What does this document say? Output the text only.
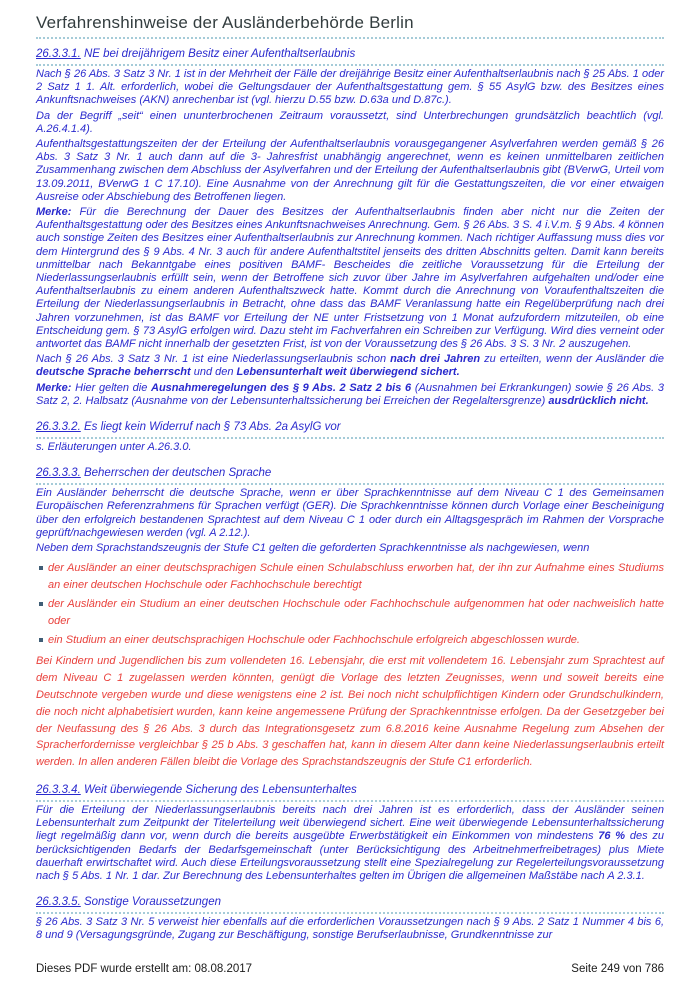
Verfahrenshinweise der Ausländerbehörde Berlin
26.3.3.1. NE bei dreijährigem Besitz einer Aufenthaltserlaubnis

Nach § 26 Abs. 3 Satz 3 Nr. 1 ist in der Mehrheit der Fälle der dreijährige Besitz einer Aufenthaltserlaubnis nach § 25 Abs. 1 oder 2 Satz 1 1. Alt. erforderlich, wobei die Geltungsdauer der Aufenthaltsgestattung gem. § 55 AsylG bzw. des Besitzes eines Ankunftsnachweises (AKN) anrechenbar ist (vgl. hierzu D.55 bzw. D.63a und D.87c.).

Da der Begriff „seit“ einen ununterbrochenen Zeitraum voraussetzt, sind Unterbrechungen grundsätzlich beachtlich (vgl. A.26.4.1.4).

Aufenthaltsgestattungszeiten der der Erteilung der Aufenthaltserlaubnis vorausgegangener Asylverfahren werden gemäß § 26 Abs. 3 Satz 3 Nr. 1 auch dann auf die 3- Jahresfrist unabhängig angerechnet, wenn es keinen unmittelbaren zeitlichen Zusammenhang zwischen dem Abschluss der Asylverfahren und der Erteilung der Aufenthaltserlaubnis gibt (BVerwG, Urteil vom 13.09.2011, BVerwG 1 C 17.10). Eine Ausnahme von der Anrechnung gilt für die Gestattungszeiten, die vor einer etwaigen Ausreise oder Abschiebung des Betroffenen liegen.

Merke: Für die Berechnung der Dauer des Besitzes der Aufenthaltserlaubnis finden aber nicht nur die Zeiten der Aufenthaltsgestattung oder des Besitzes eines Ankunftsnachweises Anrechnung. Gem. § 26 Abs. 3 S. 4 i.V.m. § 9 Abs. 4 können auch sonstige Zeiten des Besitzes einer Aufenthaltserlaubnis zur Anrechnung kommen. Nach richtiger Auffassung muss dies vor dem Hintergrund des § 9 Abs. 4 Nr. 3 auch für andere Aufenthaltstitel jenseits des dritten Abschnitts gelten. Damit kann bereits unmittelbar nach Bekanntgabe eines positiven BAMF- Bescheides die zeitliche Voraussetzung für die Erteilung der Niederlassungserlaubnis erfüllt sein, wenn der Betroffene sich zuvor über Jahre im Asylverfahren aufgehalten und/oder eine Aufenthaltserlaubnis zu einem anderen Aufenthaltszweck hatte. Kommt durch die Anrechnung von Voraufenthaltszeiten die Erteilung der Niederlassungserlaubnis in Betracht, ohne dass das BAMF Veranlassung hatte ein Regelüberprüfung nach drei Jahren vorzunehmen, ist das BAMF vor Erteilung der NE unter Fristsetzung von 1 Monat aufzufordern mitzuteilen, ob eine Entscheidung gem. § 73 AsylG erfolgen wird. Dazu steht im Fachverfahren ein Schreiben zur Verfügung. Wird dies verneint oder antwortet das BAMF nicht innerhalb der gesetzten Frist, ist von der Voraussetzung des § 26 Abs. 3 S. 3 Nr. 2 auszugehen.

Nach § 26 Abs. 3 Satz 3 Nr. 1 ist eine Niederlassungserlaubnis schon nach drei Jahren zu erteilten, wenn der Ausländer die deutsche Sprache beherrscht und den Lebensunterhalt weit überwiegend sichert.

Merke: Hier gelten die Ausnahmeregelungen des § 9 Abs. 2 Satz 2 bis 6 (Ausnahmen bei Erkrankungen) sowie § 26 Abs. 3 Satz 2, 2. Halbsatz (Ausnahme von der Lebensunterhaltssicherung bei Erreichen der Regelaltersgrenze) ausdrücklich nicht.

26.3.3.2. Es liegt kein Widerruf nach § 73 Abs. 2a AsylG vor

s. Erläuterungen unter A.26.3.0.

26.3.3.3. Beherrschen der deutschen Sprache

Ein Ausländer beherrscht die deutsche Sprache, wenn er über Sprachkenntnisse auf dem Niveau C 1 des Gemeinsamen Europäischen Referenzrahmens für Sprachen verfügt (GER). Die Sprachkenntnisse können durch Vorlage einer Bescheinigung über den erfolgreich bestandenen Sprachtest auf dem Niveau C 1 oder durch ein Alltagsgespräch im Rahmen der Vorsprache geprüft/nachgewiesen werden (vgl. A 2.12.).

Neben dem Sprachstandszeugnis der Stufe C1 gelten die geforderten Sprachkenntnisse als nachgewiesen, wenn

der Ausländer an einer deutschsprachigen Schule einen Schulabschluss erworben hat, der ihn zur Aufnahme eines Studiums an einer deutschen Hochschule oder Fachhochschule berechtigt
der Ausländer ein Studium an einer deutschen Hochschule oder Fachhochschule aufgenommen hat oder nachweislich hatte oder
ein Studium an einer deutschsprachigen Hochschule oder Fachhochschule erfolgreich abgeschlossen wurde.

Bei Kindern und Jugendlichen bis zum vollendeten 16. Lebensjahr, die erst mit vollendetem 16. Lebensjahr zum Sprachtest auf dem Niveau C 1 zugelassen werden könnten, genügt die Vorlage des letzten Zeugnisses, wenn und soweit bereits eine Deutschnote vergeben wurde und diese wenigstens eine 2 ist. Bei noch nicht schulpflichtigen Kindern oder Grundschulkindern, die noch nicht alphabetisiert wurden, kann keine angemessene Prüfung der Sprachkenntnisse erfolgen. Da der Gesetzgeber bei der Neufassung des § 26 Abs. 3 durch das Integrationsgesetz zum 6.8.2016 keine Ausnahme Regelung zum Absehen der Spracherfordernisse vergleichbar § 25 b Abs. 3 geschaffen hat, kann in diesem Alter dann keine Niederlassungserlaubnis erteilt werden. In allen anderen Fällen bleibt die Vorlage des Sprachstandszeugnis der Stufe C1 erforderlich.

26.3.3.4. Weit überwiegende Sicherung des Lebensunterhaltes

Für die Erteilung der Niederlassungserlaubnis bereits nach drei Jahren ist es erforderlich, dass der Ausländer seinen Lebensunterhalt zum Zeitpunkt der Titelerteilung weit überwiegend sichert. Eine weit überwiegende Lebensunterhaltssicherung liegt regelmäßig dann vor, wenn durch die bereits ausgeübte Erwerbstätigkeit ein Einkommen von mindestens 76 % des zu berücksichtigenden Bedarfs der Bedarfsgemeinschaft (unter Berücksichtigung des Arbeitnehmerfreibetrages) plus Miete dauerhaft erwirtschaftet wird. Auch diese Erteilungsvoraussetzung stellt eine Spezialregelung zur Regelerteilungsvoraussetzung nach § 5 Abs. 1 Nr. 1 dar. Zur Berechnung des Lebensunterhaltes gelten im Übrigen die allgemeinen Maßstäbe nach A 2.3.1.

26.3.3.5. Sonstige Voraussetzungen

§ 26 Abs. 3 Satz 3 Nr. 5 verweist hier ebenfalls auf die erforderlichen Voraussetzungen nach § 9 Abs. 2 Satz 1 Nummer 4 bis 6, 8 und 9 (Versagungsgründe, Zugang zur Beschäftigung, sonstige Berufserlaubnisse, Grundkenntnisse zur

Dieses PDF wurde erstellt am: 08.08.2017	Seite 249 von 786
